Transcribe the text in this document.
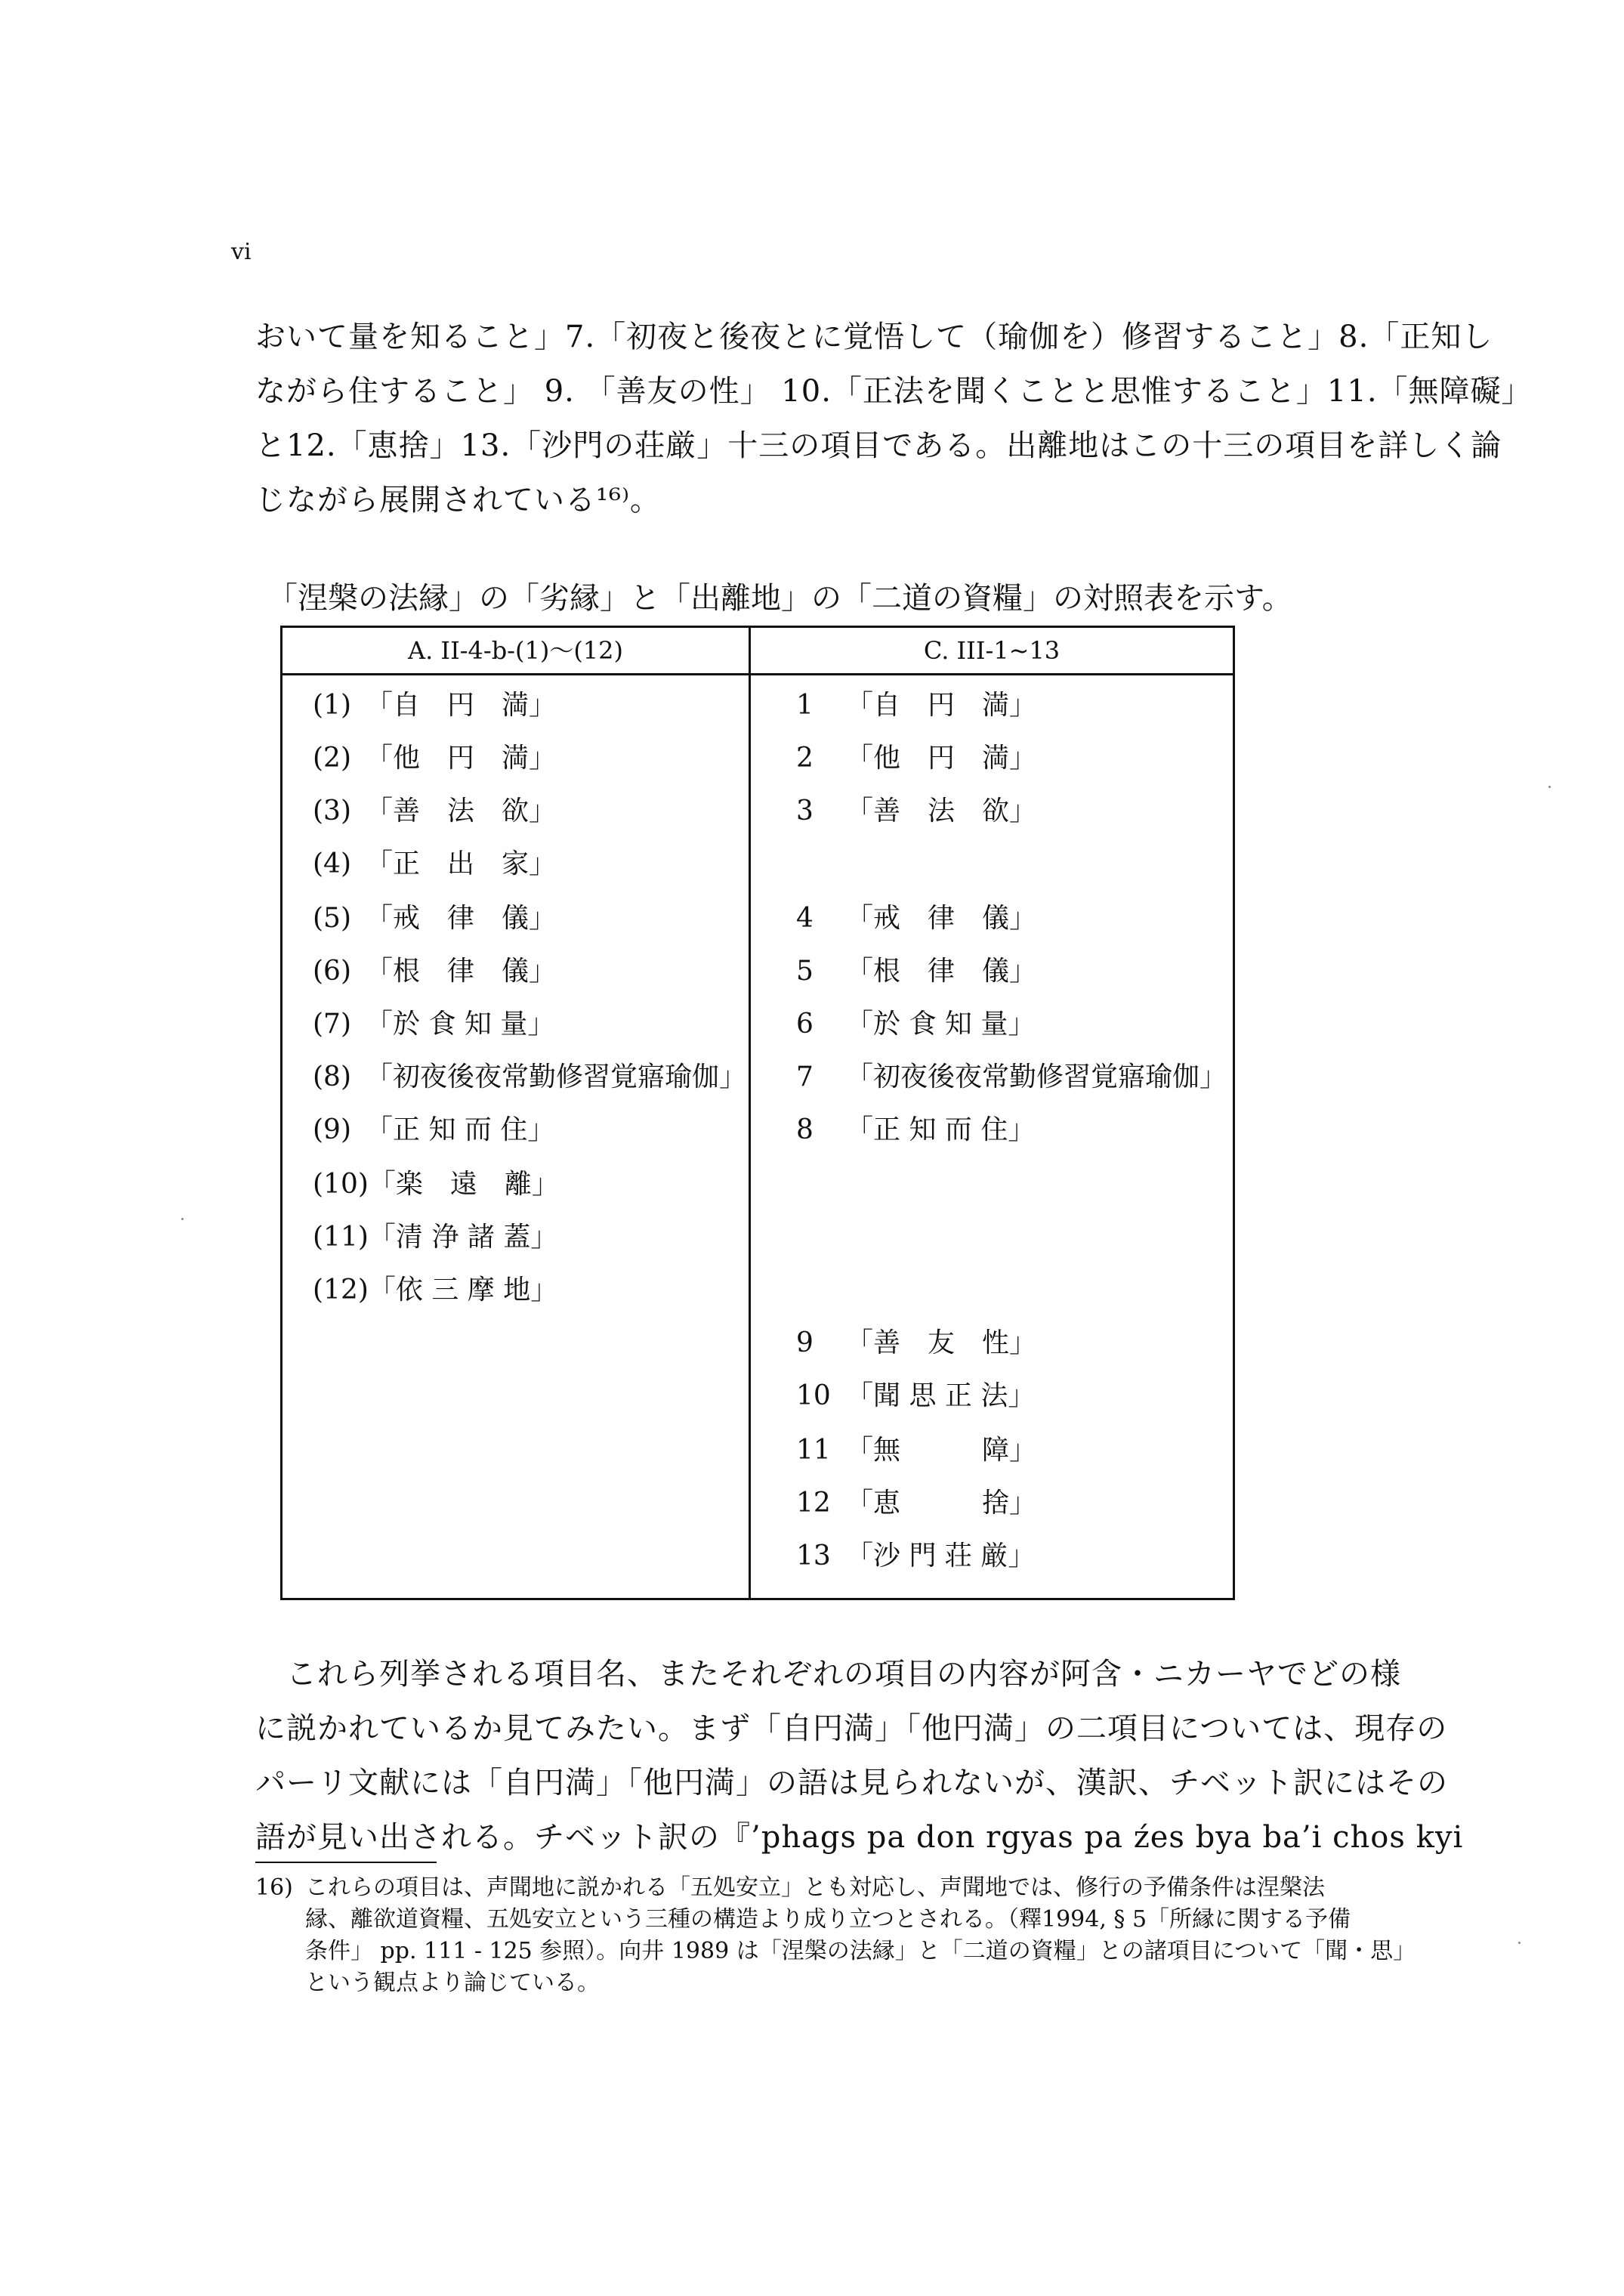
vi
おいて量を知ること」7.「初夜と後夜とに覚悟して（瑜伽を）修習すること」8.「正知し
ながら住すること」 9. 「善友の性」 10.「正法を聞くことと思惟すること」11.「無障礙」
と12.「恵捨」13.「沙門の荘厳」十三の項目である。出離地はこの十三の項目を詳しく論
じながら展開されている¹⁶⁾。
「涅槃の法縁」の「劣縁」と「出離地」の「二道の資糧」の対照表を示す。
A. II-4-b-(1)～(12)
(1) 「自　円　満」
(2) 「他　円　満」
(3) 「善　法　欲」
(4) 「正　出　家」
(5) 「戒　律　儀」
(6) 「根　律　儀」
(7) 「於 食 知 量」
(8) 「初夜後夜常勤修習覚寤瑜伽」
(9) 「正 知 而 住」
(10)「楽　遠　離」
(11)「清 浄 諸 蓋」
(12)「依 三 摩 地」
C. III-1~13
1 「自　円　満」
2 「他　円　満」
3 「善　法　欲」
4 「戒　律　儀」
5 「根　律　儀」
6 「於 食 知 量」
7 「初夜後夜常勤修習覚寤瑜伽」
8 「正 知 而 住」
9 「善　友　性」
10 「聞 思 正 法」
11 「無　　　障」
12 「恵　　　捨」
13 「沙 門 荘 厳」
　これら列挙される項目名、またそれぞれの項目の内容が阿含・ニカーヤでどの様
に説かれているか見てみたい。まず「自円満」「他円満」の二項目については、現存の
パーリ文献には「自円満」「他円満」の語は見られないが、漢訳、チベット訳にはその
語が見い出される。チベット訳の『’phags pa don rgyas pa źes bya ba’i chos kyi
16) これらの項目は、声聞地に説かれる「五処安立」とも対応し、声聞地では、修行の予備条件は涅槃法
縁、離欲道資糧、五処安立という三種の構造より成り立つとされる。（釋1994, § 5「所縁に関する予備
条件」 pp. 111 - 125 参照）。向井 1989 は「涅槃の法縁」と「二道の資糧」との諸項目について「聞・思」
という観点より論じている。
